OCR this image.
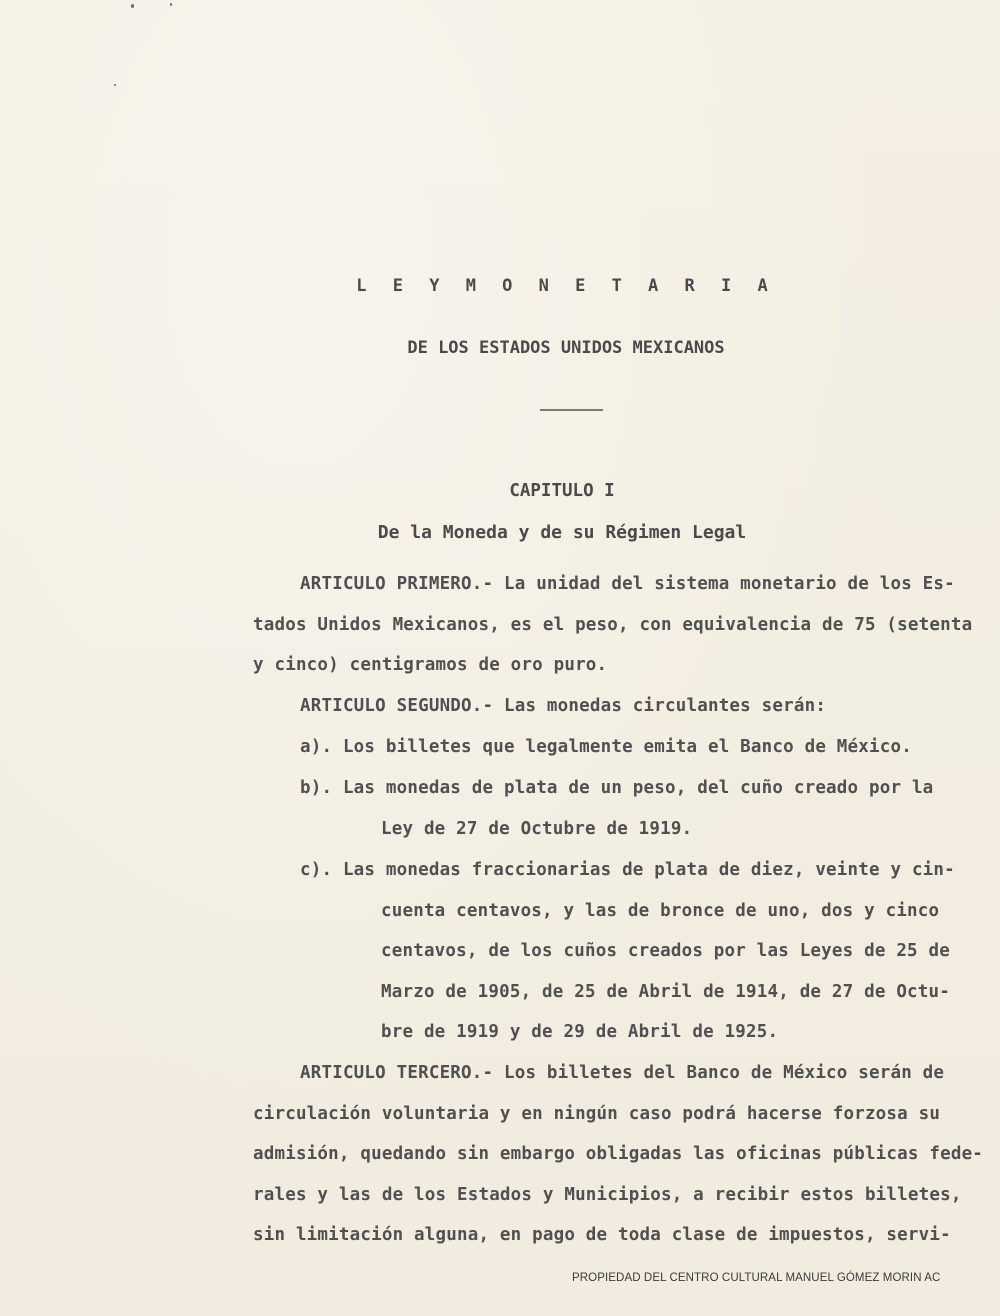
L E Y M O N E T A R I A
DE LOS ESTADOS UNIDOS MEXICANOS
CAPITULO I
De la Moneda y de su Régimen Legal
ARTICULO PRIMERO.- La unidad del sistema monetario de los Es-
tados Unidos Mexicanos, es el peso, con equivalencia de 75 (setenta
y cinco) centigramos de oro puro.
ARTICULO SEGUNDO.- Las monedas circulantes serán:
a). Los billetes que legalmente emita el Banco de México.
b). Las monedas de plata de un peso, del cuño creado por la
Ley de 27 de Octubre de 1919.
c). Las monedas fraccionarias de plata de diez, veinte y cin-
cuenta centavos, y las de bronce de uno, dos y cinco
centavos, de los cuños creados por las Leyes de 25 de
Marzo de 1905, de 25 de Abril de 1914, de 27 de Octu-
bre de 1919 y de 29 de Abril de 1925.
ARTICULO TERCERO.- Los billetes del Banco de México serán de
circulación voluntaria y en ningún caso podrá hacerse forzosa su
admisión, quedando sin embargo obligadas las oficinas públicas fede-
rales y las de los Estados y Municipios, a recibir estos billetes,
sin limitación alguna, en pago de toda clase de impuestos, servi-
PROPIEDAD DEL CENTRO CULTURAL MANUEL GÓMEZ MORIN AC
